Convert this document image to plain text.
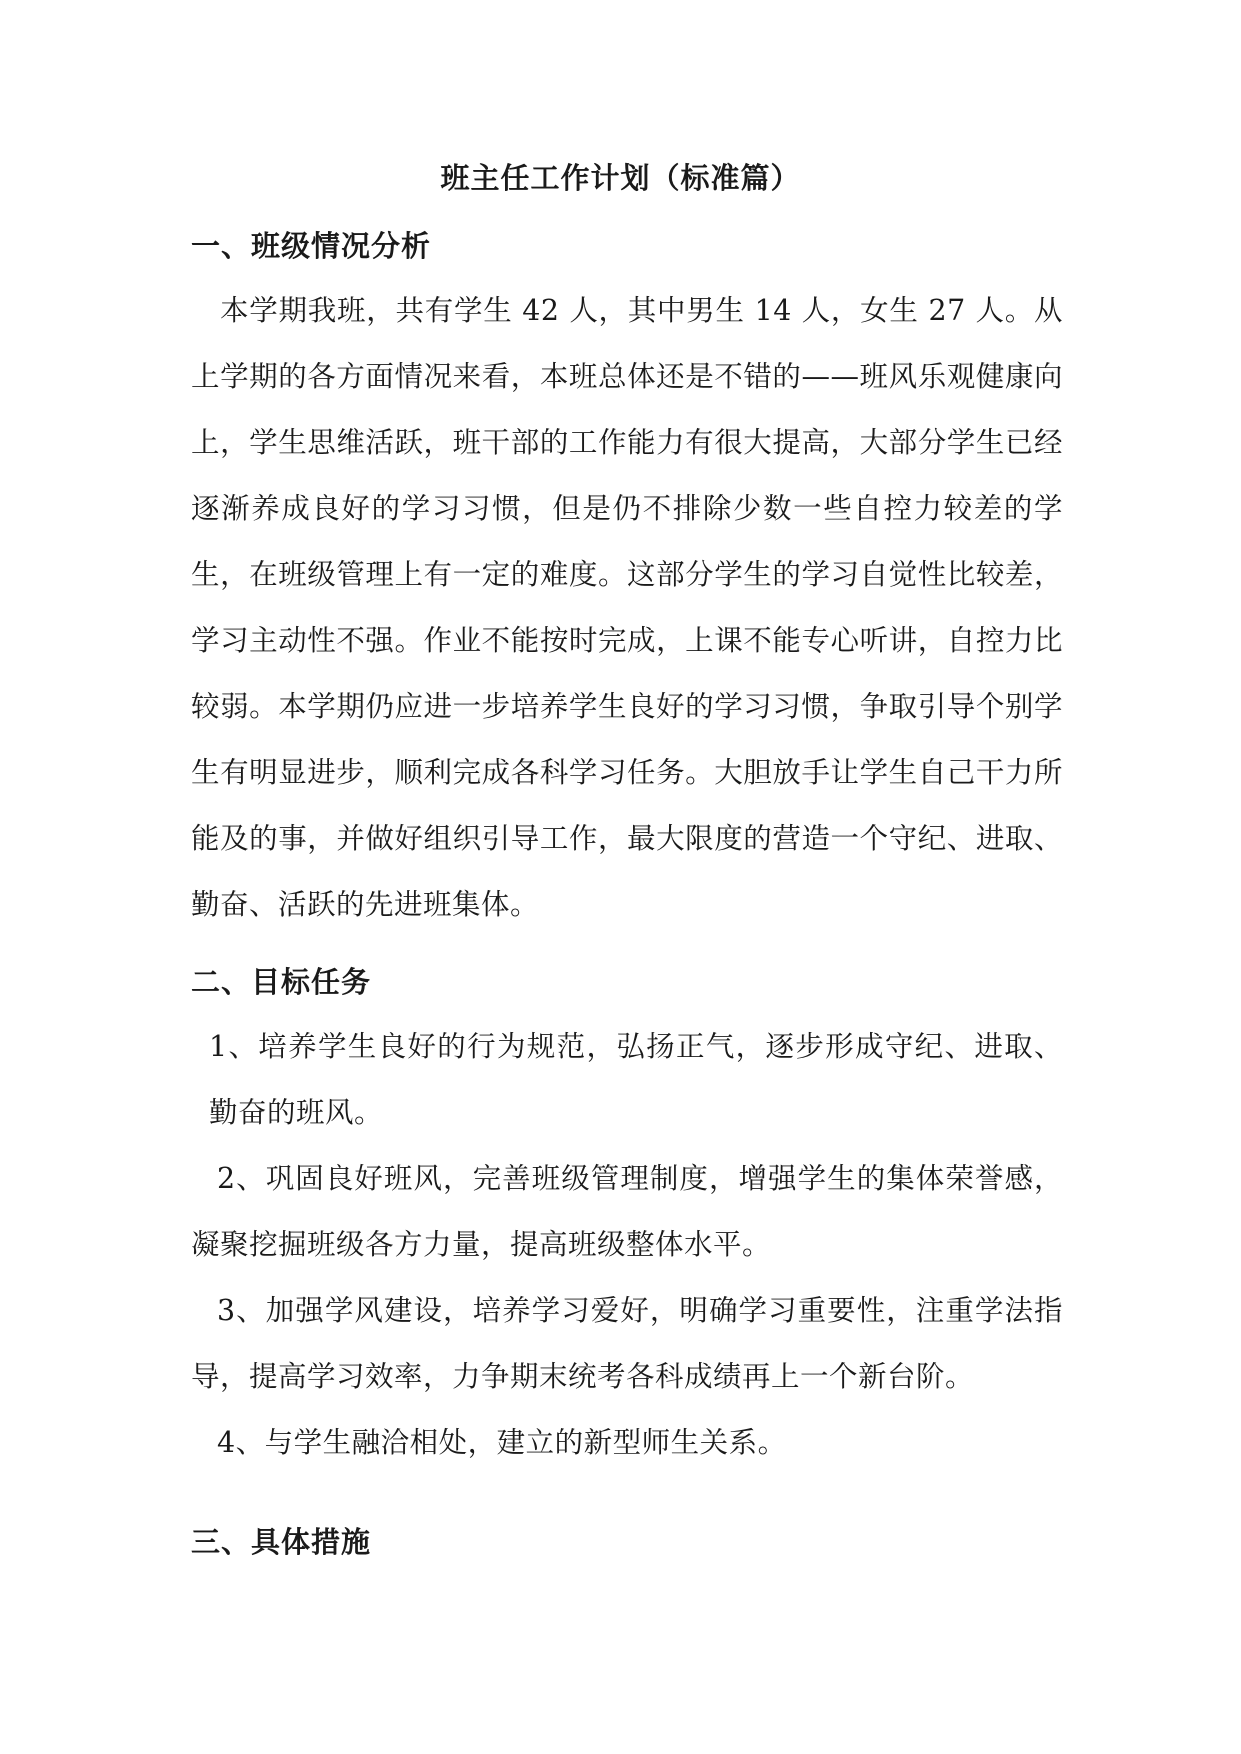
班主任工作计划（标准篇）
一、班级情况分析

本学期我班，共有学生 42 人，其中男生 14 人，女生 27 人。从上学期的各方面情况来看，本班总体还是不错的——班风乐观健康向上，学生思维活跃，班干部的工作能力有很大提高，大部分学生已经逐渐养成良好的学习习惯，但是仍不排除少数一些自控力较差的学生，在班级管理上有一定的难度。这部分学生的学习自觉性比较差，学习主动性不强。作业不能按时完成，上课不能专心听讲，自控力比较弱。本学期仍应进一步培养学生良好的学习习惯，争取引导个别学生有明显进步，顺利完成各科学习任务。大胆放手让学生自己干力所能及的事，并做好组织引导工作，最大限度的营造一个守纪、进取、勤奋、活跃的先进班集体。

二、目标任务

1、培养学生良好的行为规范，弘扬正气，逐步形成守纪、进取、勤奋的班风。

2、巩固良好班风，完善班级管理制度，增强学生的集体荣誉感，凝聚挖掘班级各方力量，提高班级整体水平。

3、加强学风建设，培养学习爱好，明确学习重要性，注重学法指导，提高学习效率，力争期末统考各科成绩再上一个新台阶。

4、与学生融洽相处，建立的新型师生关系。

三、具体措施
